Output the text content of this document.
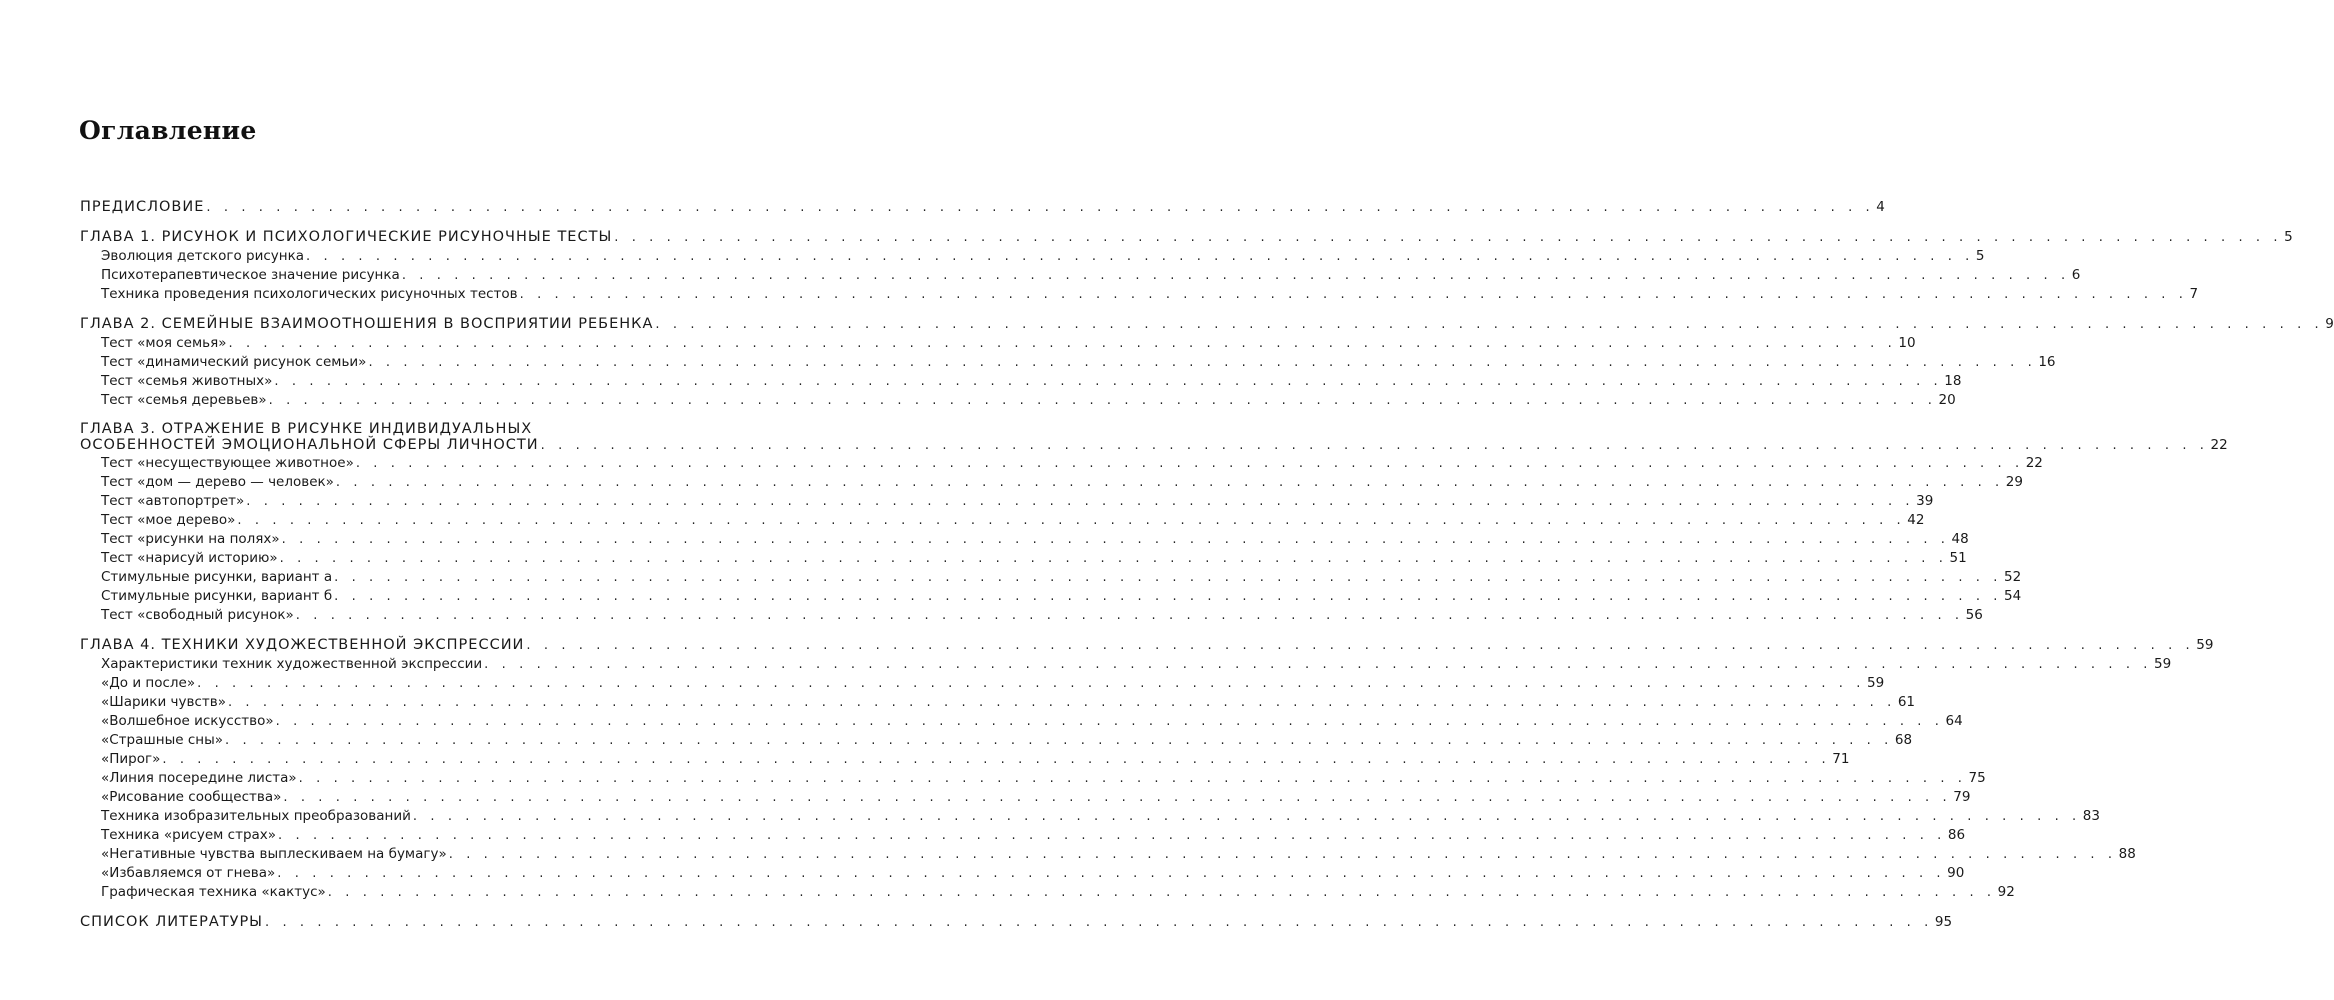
Оглавление
ПРЕДИСЛОВИЕ . . .	4
ГЛАВА 1. РИСУНОК И ПСИХОЛОГИЧЕСКИЕ РИСУНОЧНЫЕ ТЕСТЫ . . .	5
Эволюция детского рисунка . . .	5
Психотерапевтическое значение рисунка . . .	6
Техника проведения психологических рисуночных тестов . . .	7
ГЛАВА 2. СЕМЕЙНЫЕ ВЗАИМООТНОШЕНИЯ В ВОСПРИЯТИИ РЕБЕНКА . . .	9
Тест «моя семья» . . .	10
Тест «динамический рисунок семьи» . . .	16
Тест «семья животных» . . .	18
Тест «семья деревьев» . . .	20
ГЛАВА 3. ОТРАЖЕНИЕ В РИСУНКЕ ИНДИВИДУАЛЬНЫХ
ОСОБЕННОСТЕЙ ЭМОЦИОНАЛЬНОЙ СФЕРЫ ЛИЧНОСТИ . . .	22
Тест «несуществующее животное» . . .	22
Тест «дом — дерево — человек» . . .	29
Тест «автопортрет» . . .	39
Тест «мое дерево» . . .	42
Тест «рисунки на полях» . . .	48
Тест «нарисуй историю» . . .	51
Стимульные рисунки, вариант а . . .	52
Стимульные рисунки, вариант б . . .	54
Тест «свободный рисунок» . . .	56
ГЛАВА 4. ТЕХНИКИ ХУДОЖЕСТВЕННОЙ ЭКСПРЕССИИ . . .	59
Характеристики техник художественной экспрессии . . .	59
«До и после» . . .	59
«Шарики чувств» . . .	61
«Волшебное искусство» . . .	64
«Страшные сны» . . .	68
«Пирог» . . .	71
«Линия посередине листа» . . .	75
«Рисование сообщества» . . .	79
Техника изобразительных преобразований . . .	83
Техника «рисуем страх» . . .	86
«Негативные чувства выплескиваем на бумагу» . . .	88
«Избавляемся от гнева» . . .	90
Графическая техника «кактус» . . .	92
СПИСОК ЛИТЕРАТУРЫ . . .	95
